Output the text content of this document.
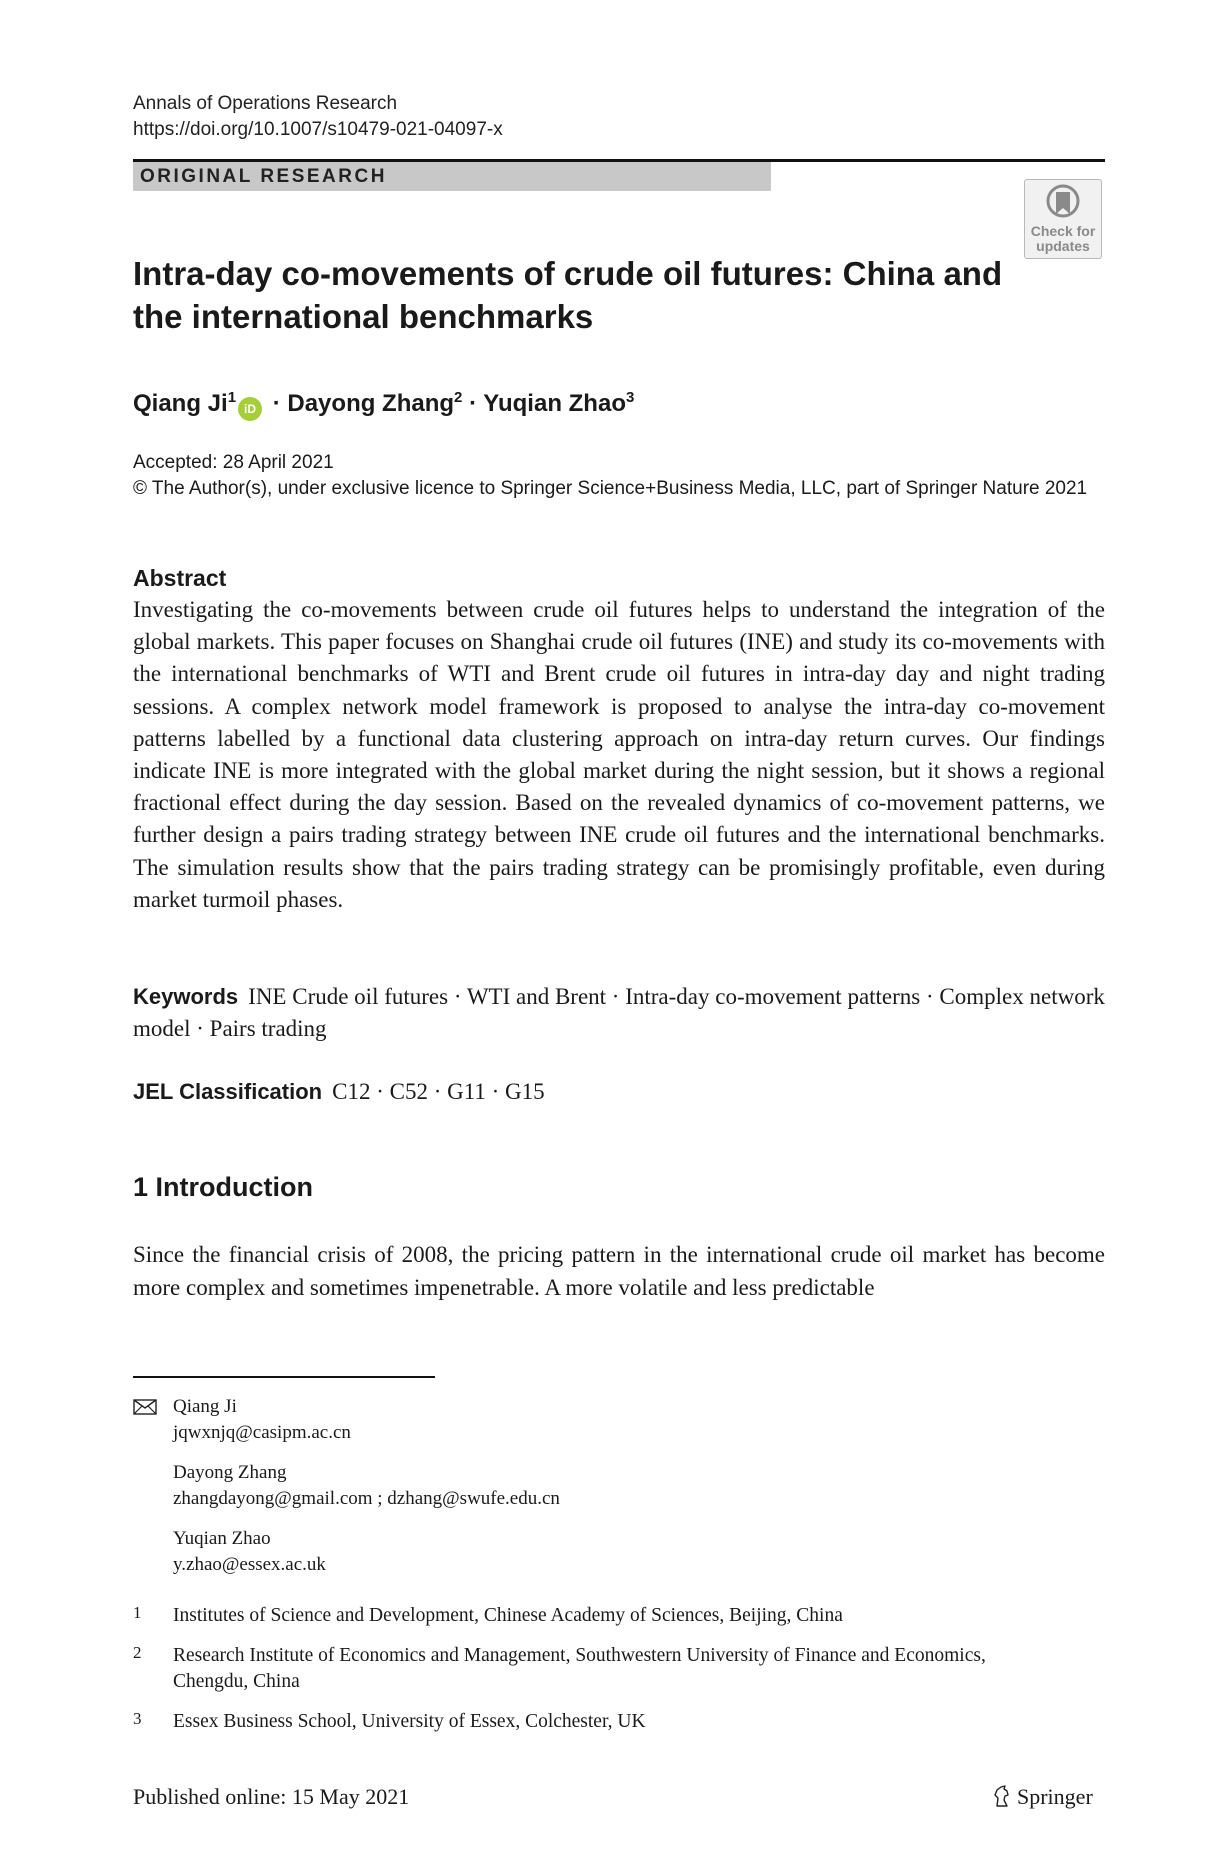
Annals of Operations Research
https://doi.org/10.1007/s10479-021-04097-x
ORIGINAL RESEARCH
Check for
updates
Intra-day co-movements of crude oil futures: China and the international benchmarks
Qiang $Ji^1iD$ · Dayong Zhang$^2$ · Yuqian Zhao$^3$
Accepted: 28 April 2021
© The Author(s), under exclusive licence to Springer Science+Business Media, LLC, part of Springer Nature 2021
Abstract
Investigating the co-movements between crude oil futures helps to understand the integration of the global markets. This paper focuses on Shanghai crude oil futures (INE) and study its co-movements with the international benchmarks of WTI and Brent crude oil futures in intra-day day and night trading sessions. A complex network model framework is proposed to analyse the intra-day co-movement patterns labelled by a functional data clustering approach on intra-day return curves. Our findings indicate INE is more integrated with the global market during the night session, but it shows a regional fractional effect during the day session. Based on the revealed dynamics of co-movement patterns, we further design a pairs trading strategy between INE crude oil futures and the international benchmarks. The simulation results show that the pairs trading strategy can be promisingly profitable, even during market turmoil phases.
Keywords INE Crude oil futures · WTI and Brent · Intra-day co-movement patterns · Complex network model · Pairs trading
JEL Classification C12 · C52 · G11 · G15
1 Introduction
Since the financial crisis of 2008, the pricing pattern in the international crude oil market has become more complex and sometimes impenetrable. A more volatile and less predictable
Qiang Ji
jqwxnjq@casipm.ac.cn
Dayong Zhang
zhangdayong@gmail.com ; dzhang@swufe.edu.cn
Yuqian Zhao
y.zhao@essex.ac.uk
1 Institutes of Science and Development, Chinese Academy of Sciences, Beijing, China
2 Research Institute of Economics and Management, Southwestern University of Finance and Economics, Chengdu, China
3 Essex Business School, University of Essex, Colchester, UK
Published online: 15 May 2021	Springer
